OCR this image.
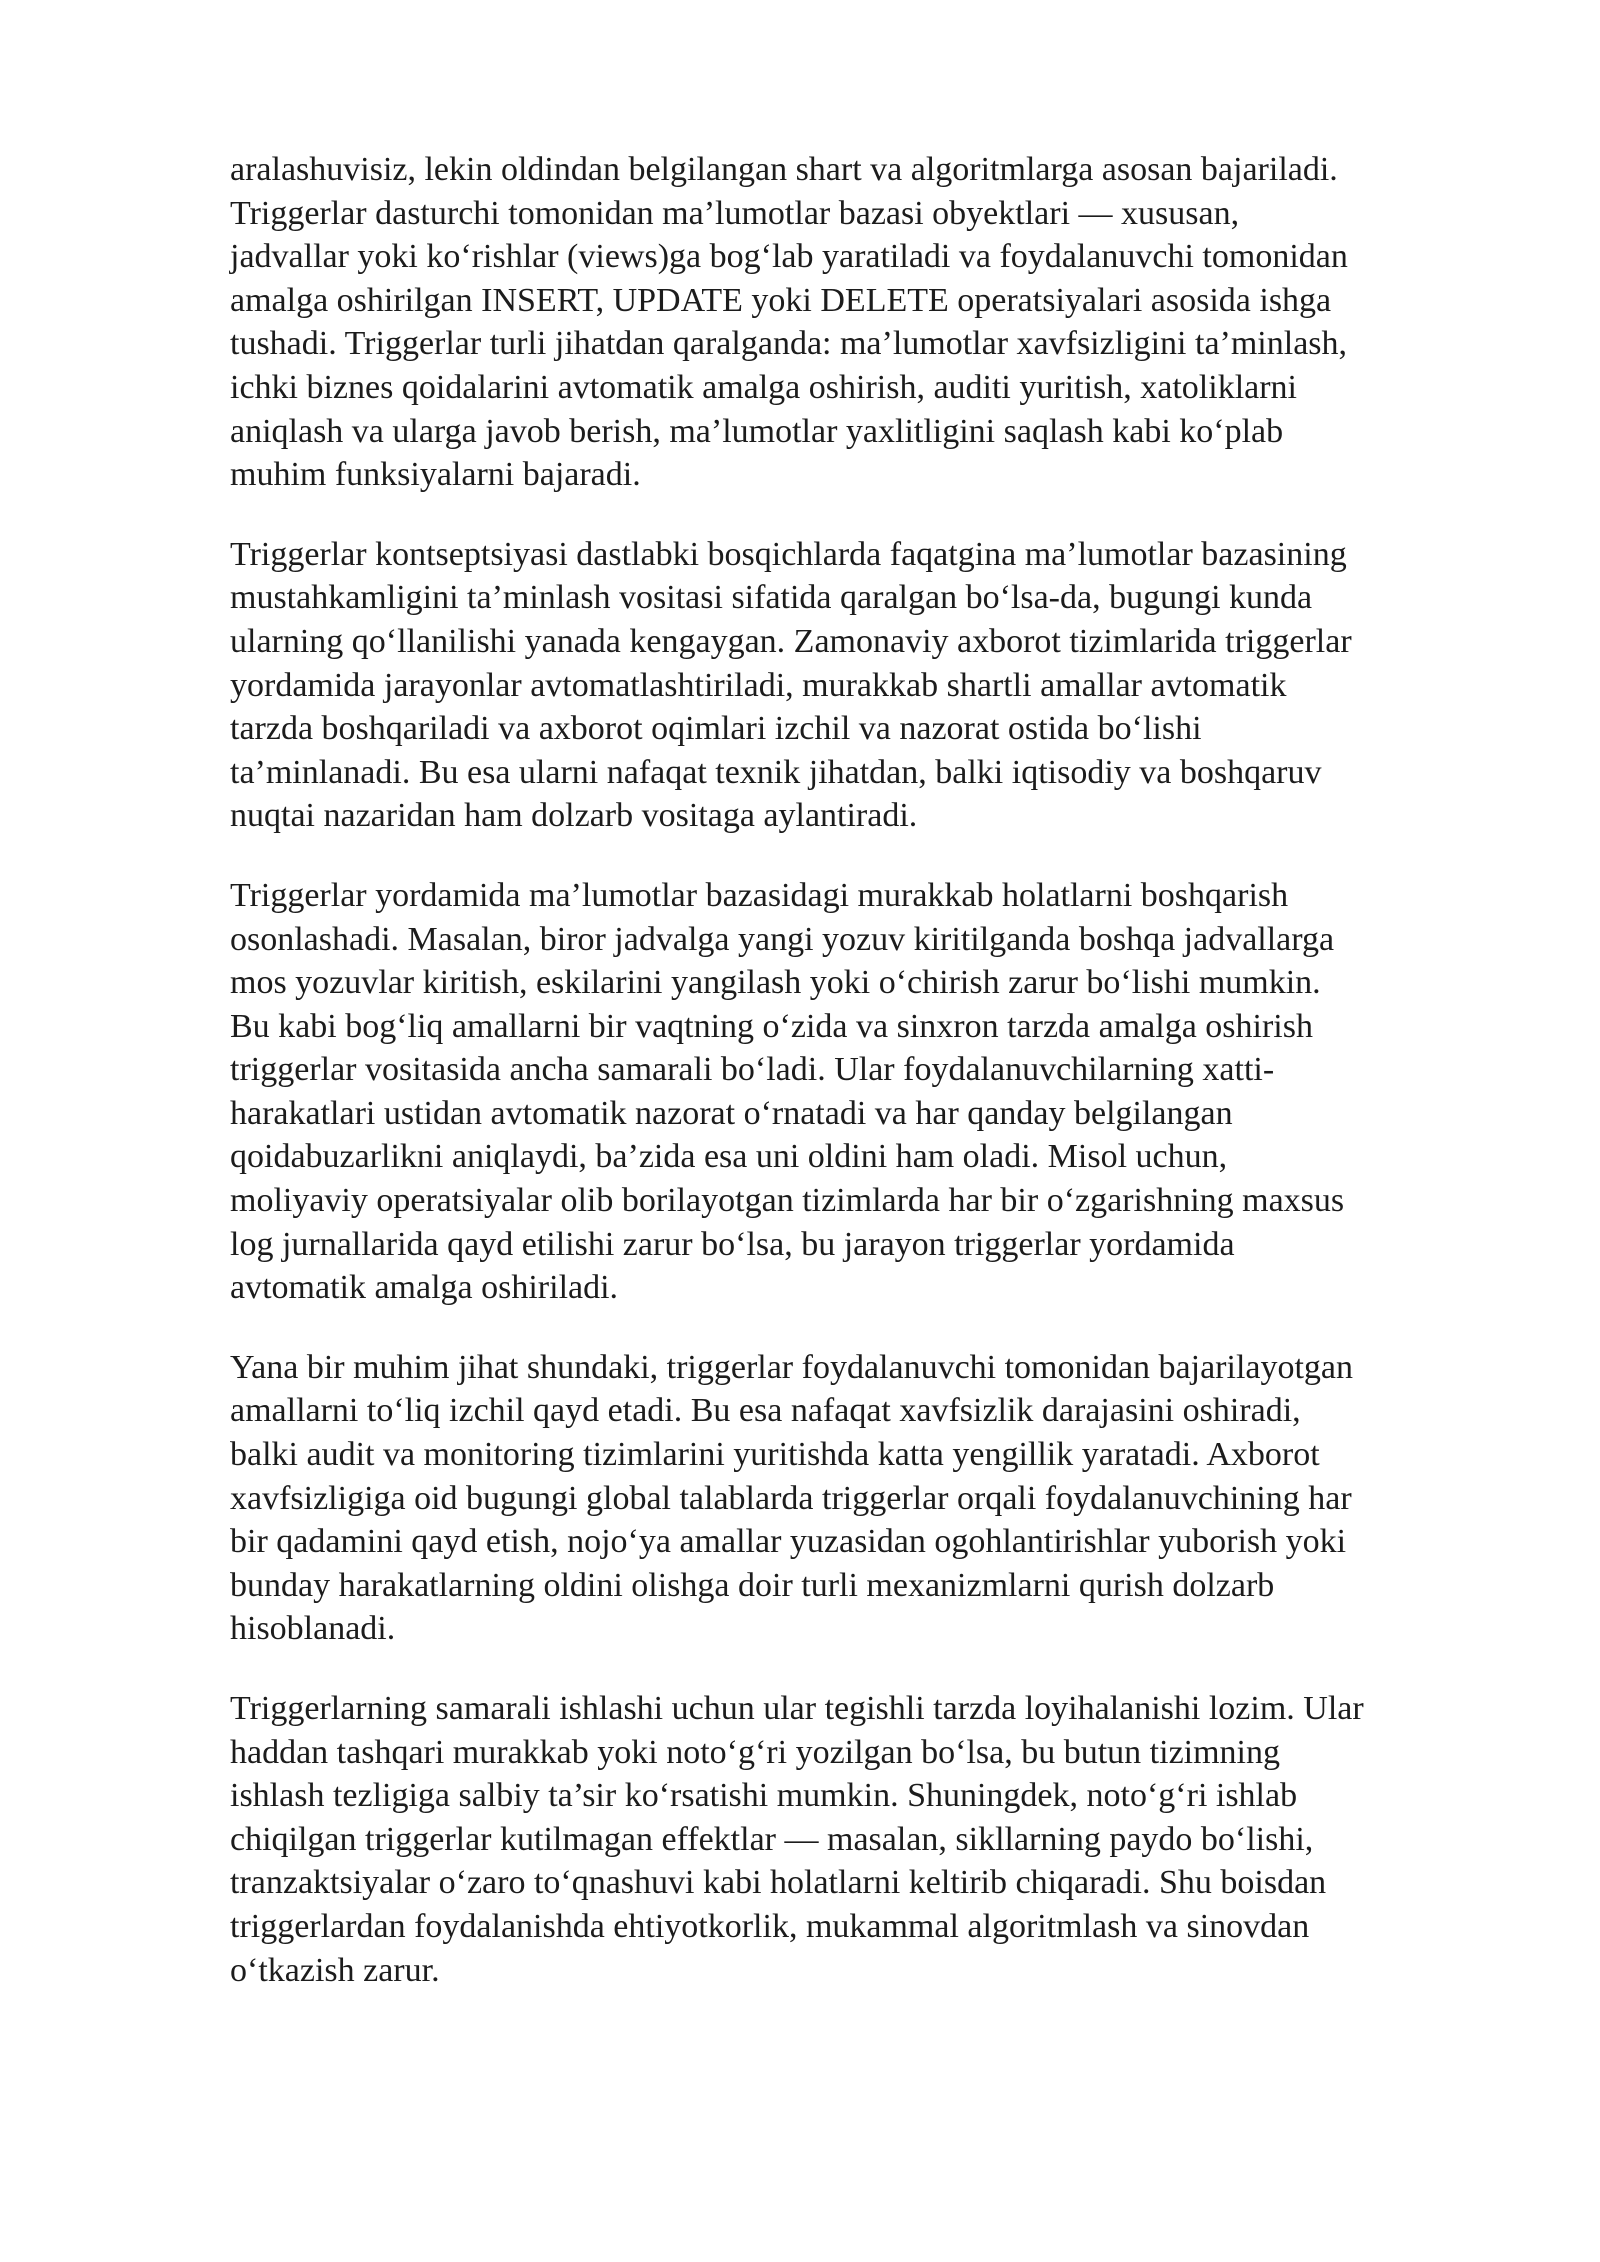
aralashuvisiz, lekin oldindan belgilangan shart va algoritmlarga asosan bajariladi.
Triggerlar dasturchi tomonidan ma’lumotlar bazasi obyektlari — xususan,
jadvallar yoki koʻrishlar (views)ga bogʻlab yaratiladi va foydalanuvchi tomonidan
amalga oshirilgan INSERT, UPDATE yoki DELETE operatsiyalari asosida ishga
tushadi. Triggerlar turli jihatdan qaralganda: ma’lumotlar xavfsizligini ta’minlash,
ichki biznes qoidalarini avtomatik amalga oshirish, auditi yuritish, xatoliklarni
aniqlash va ularga javob berish, ma’lumotlar yaxlitligini saqlash kabi koʻplab
muhim funksiyalarni bajaradi.
Triggerlar kontseptsiyasi dastlabki bosqichlarda faqatgina ma’lumotlar bazasining
mustahkamligini ta’minlash vositasi sifatida qaralgan boʻlsa-da, bugungi kunda
ularning qoʻllanilishi yanada kengaygan. Zamonaviy axborot tizimlarida triggerlar
yordamida jarayonlar avtomatlashtiriladi, murakkab shartli amallar avtomatik
tarzda boshqariladi va axborot oqimlari izchil va nazorat ostida boʻlishi
ta’minlanadi. Bu esa ularni nafaqat texnik jihatdan, balki iqtisodiy va boshqaruv
nuqtai nazaridan ham dolzarb vositaga aylantiradi.
Triggerlar yordamida ma’lumotlar bazasidagi murakkab holatlarni boshqarish
osonlashadi. Masalan, biror jadvalga yangi yozuv kiritilganda boshqa jadvallarga
mos yozuvlar kiritish, eskilarini yangilash yoki oʻchirish zarur boʻlishi mumkin.
Bu kabi bogʻliq amallarni bir vaqtning oʻzida va sinxron tarzda amalga oshirish
triggerlar vositasida ancha samarali boʻladi. Ular foydalanuvchilarning xatti-
harakatlari ustidan avtomatik nazorat oʻrnatadi va har qanday belgilangan
qoidabuzarlikni aniqlaydi, ba’zida esa uni oldini ham oladi. Misol uchun,
moliyaviy operatsiyalar olib borilayotgan tizimlarda har bir oʻzgarishning maxsus
log jurnallarida qayd etilishi zarur boʻlsa, bu jarayon triggerlar yordamida
avtomatik amalga oshiriladi.
Yana bir muhim jihat shundaki, triggerlar foydalanuvchi tomonidan bajarilayotgan
amallarni toʻliq izchil qayd etadi. Bu esa nafaqat xavfsizlik darajasini oshiradi,
balki audit va monitoring tizimlarini yuritishda katta yengillik yaratadi. Axborot
xavfsizligiga oid bugungi global talablarda triggerlar orqali foydalanuvchining har
bir qadamini qayd etish, nojoʻya amallar yuzasidan ogohlantirishlar yuborish yoki
bunday harakatlarning oldini olishga doir turli mexanizmlarni qurish dolzarb
hisoblanadi.
Triggerlarning samarali ishlashi uchun ular tegishli tarzda loyihalanishi lozim. Ular
haddan tashqari murakkab yoki notoʻgʻri yozilgan boʻlsa, bu butun tizimning
ishlash tezligiga salbiy ta’sir koʻrsatishi mumkin. Shuningdek, notoʻgʻri ishlab
chiqilgan triggerlar kutilmagan effektlar — masalan, sikllarning paydo boʻlishi,
tranzaktsiyalar oʻzaro toʻqnashuvi kabi holatlarni keltirib chiqaradi. Shu boisdan
triggerlardan foydalanishda ehtiyotkorlik, mukammal algoritmlash va sinovdan
oʻtkazish zarur.
